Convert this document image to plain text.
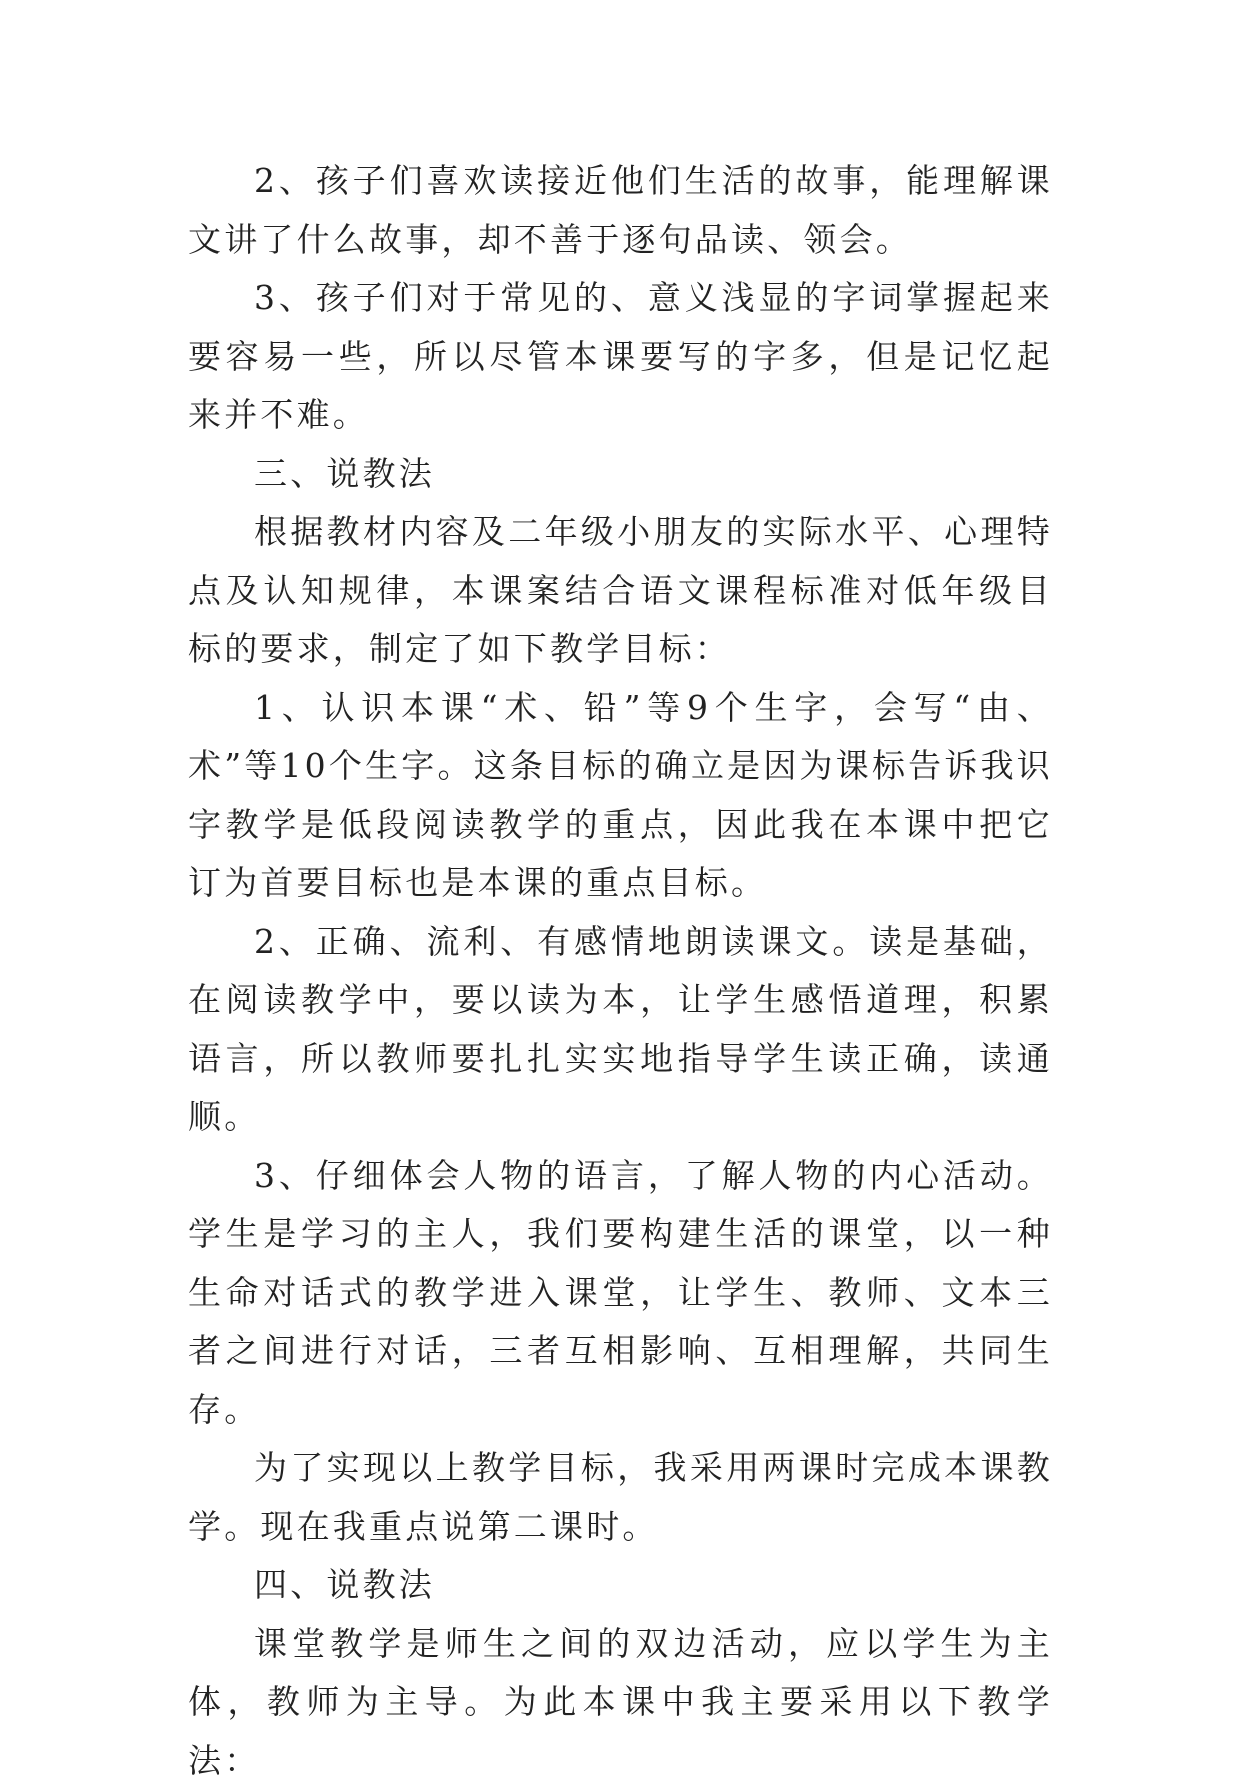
2、孩子们喜欢读接近他们生活的故事，能理解课文讲了什么故事，却不善于逐句品读、领会。

3、孩子们对于常见的、意义浅显的字词掌握起来要容易一些，所以尽管本课要写的字多，但是记忆起来并不难。

三、说教法

根据教材内容及二年级小朋友的实际水平、心理特点及认知规律，本课案结合语文课程标准对低年级目标的要求，制定了如下教学目标：

1、认识本课“术、铅”等9个生字，会写“由、术”等10个生字。这条目标的确立是因为课标告诉我识字教学是低段阅读教学的重点，因此我在本课中把它订为首要目标也是本课的重点目标。

2、正确、流利、有感情地朗读课文。读是基础，在阅读教学中，要以读为本，让学生感悟道理，积累语言，所以教师要扎扎实实地指导学生读正确，读通顺。

3、仔细体会人物的语言，了解人物的内心活动。学生是学习的主人，我们要构建生活的课堂，以一种生命对话式的教学进入课堂，让学生、教师、文本三者之间进行对话，三者互相影响、互相理解，共同生存。

为了实现以上教学目标，我采用两课时完成本课教学。现在我重点说第二课时。

四、说教法

课堂教学是师生之间的双边活动，应以学生为主体，教师为主导。为此本课中我主要采用以下教学法：
